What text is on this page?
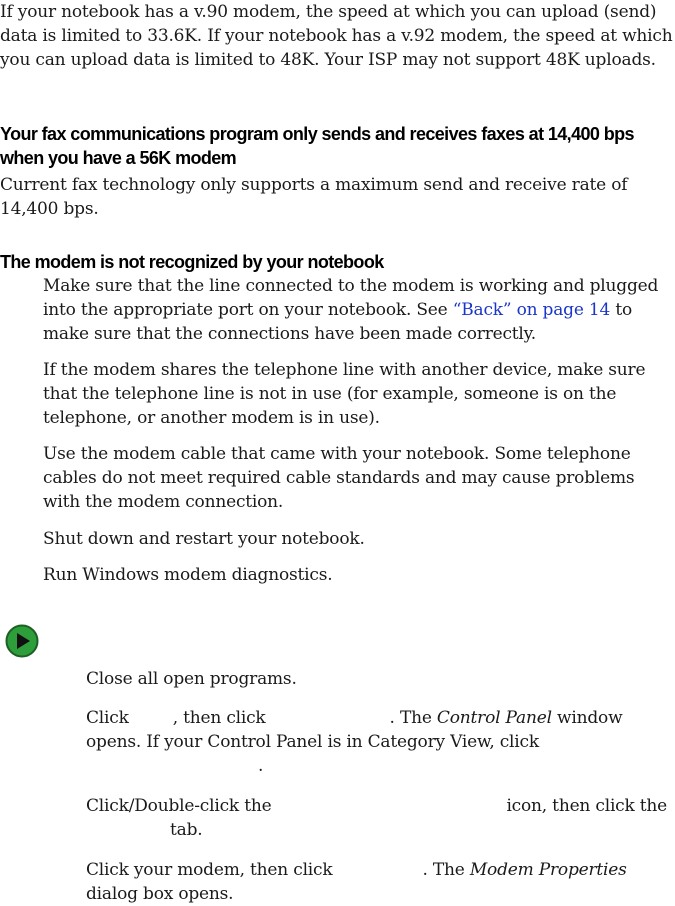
If your notebook has a v.90 modem, the speed at which you can upload (send) data is limited to 33.6K. If your notebook has a v.92 modem, the speed at which you can upload data is limited to 48K. Your ISP may not support 48K uploads.

Your fax communications program only sends and receives faxes at 14,400 bps when you have a 56K modem

Current fax technology only supports a maximum send and receive rate of 14,400 bps.

The modem is not recognized by your notebook

Make sure that the line connected to the modem is working and plugged into the appropriate port on your notebook. See “Back” on page 14 to make sure that the connections have been made correctly.

If the modem shares the telephone line with another device, make sure that the telephone line is not in use (for example, someone is on the telephone, or another modem is in use).

Use the modem cable that came with your notebook. Some telephone cables do not meet required cable standards and may cause problems with the modem connection.

Shut down and restart your notebook.

Run Windows modem diagnostics.

Close all open programs.

Click	, then click	. The Control Panel window opens. If your Control Panel is in Category View, click
.

Click/Double-click the	icon, then click thetab.

Click your modem, then click	. The Modem Properties dialog box opens.
